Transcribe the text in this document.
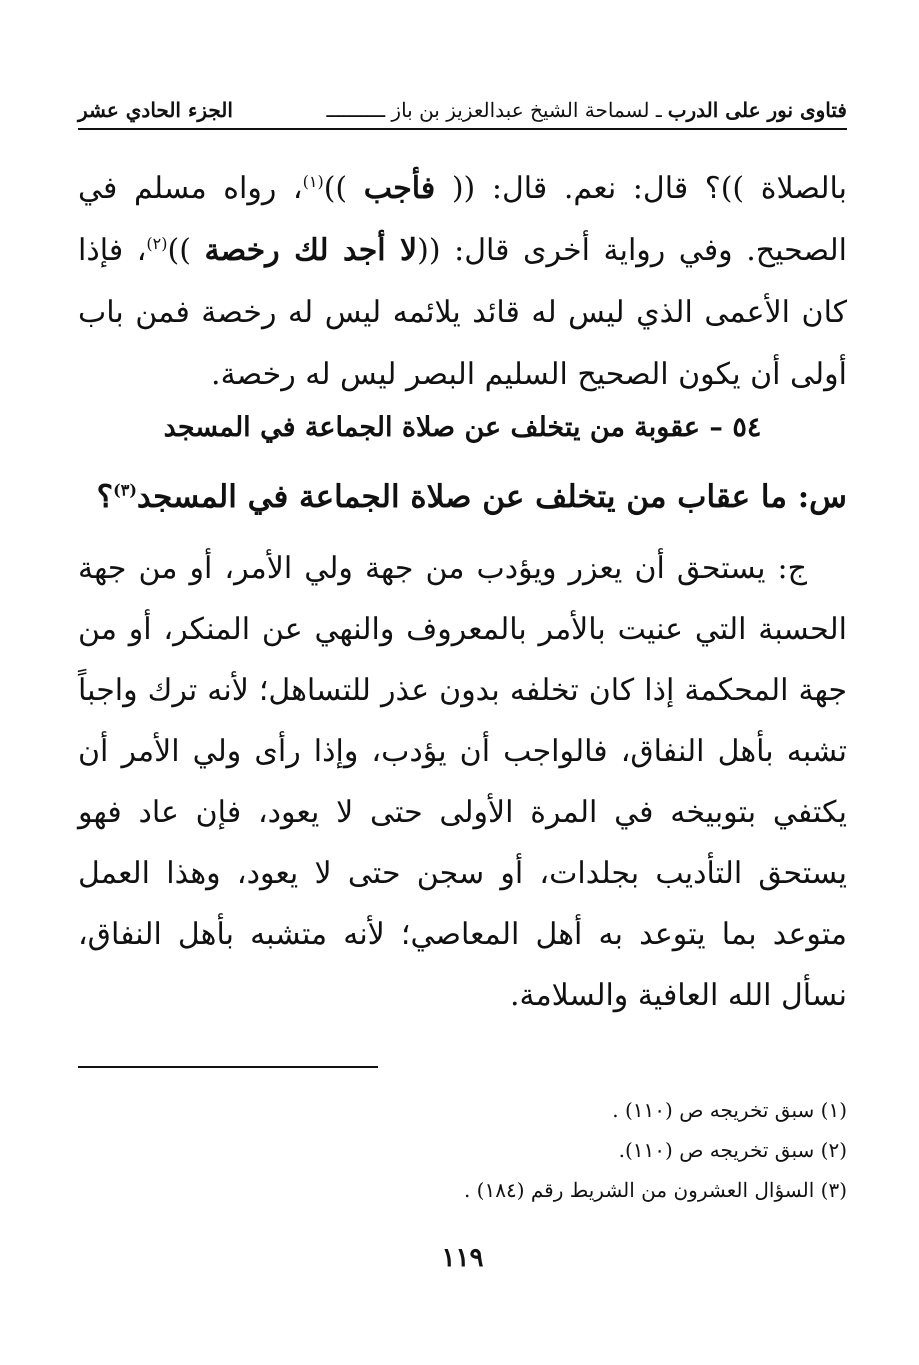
فتاوى نور على الدرب
ـ لسماحة الشيخ عبدالعزيز بن باز ــــــــــ
الجزء الحادي عشر

بالصلاة ))؟ قال: نعم. قال: (( فأجب ))$^{(١)}$، رواه مسلم في الصحيح. وفي رواية أخرى قال: ((لا أجد لك رخصة ))$^{(٢)}$، فإذا كان الأعمى الذي ليس له قائد يلائمه ليس له رخصة فمن باب أولى أن يكون الصحيح السليم البصر ليس له رخصة.

٥٤ – عقوبة من يتخلف عن صلاة الجماعة في المسجد
س: ما عقاب من يتخلف عن صلاة الجماعة في المسجد$^{(٣)}$؟

ج: يستحق أن يعزر ويؤدب من جهة ولي الأمر، أو من جهة الحسبة التي عنيت بالأمر بالمعروف والنهي عن المنكر، أو من جهة المحكمة إذا كان تخلفه بدون عذر للتساهل؛ لأنه ترك واجباً تشبه بأهل النفاق، فالواجب أن يؤدب، وإذا رأى ولي الأمر أن يكتفي بتوبيخه في المرة الأولى حتى لا يعود، فإن عاد فهو يستحق التأديب بجلدات، أو سجن حتى لا يعود، وهذا العمل متوعد بما يتوعد به أهل المعاصي؛ لأنه متشبه بأهل النفاق، نسأل الله العافية والسلامة.

(١) سبق تخريجه ص (١١٠) .
(٢) سبق تخريجه ص (١١٠).
(٣) السؤال العشرون من الشريط رقم (١٨٤) .
١١٩
